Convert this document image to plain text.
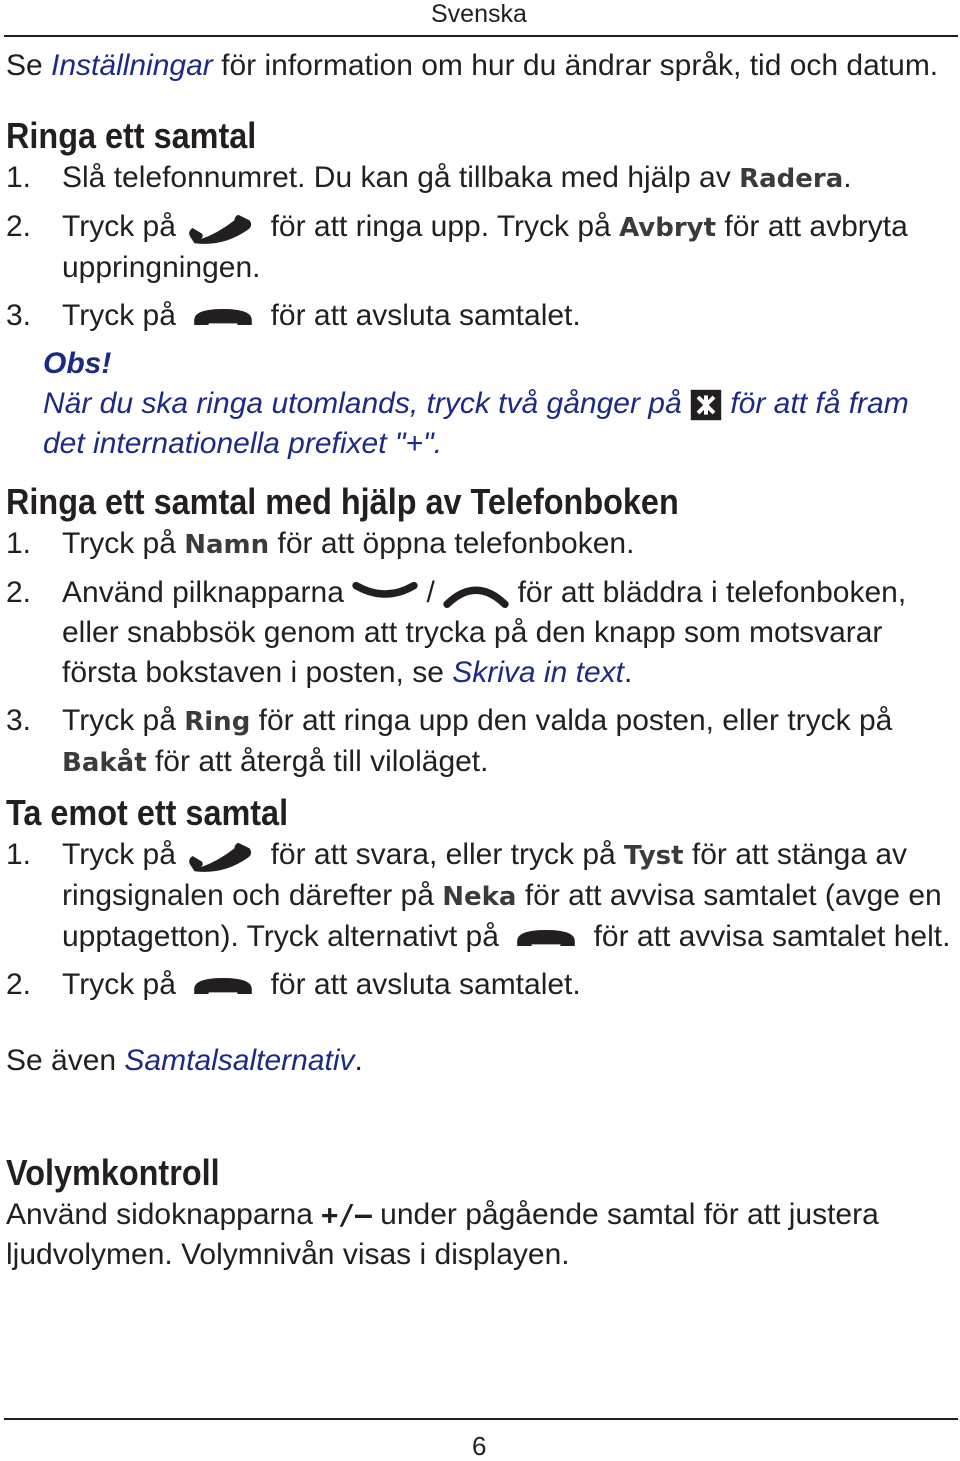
Svenska

Se Inställningar för information om hur du ändrar språk, tid och datum.

Ringa ett samtal
1. Slå telefonnumret. Du kan gå tillbaka med hjälp av Radera.
2. Tryck på	för att ringa upp. Tryck på Avbryt för att avbryta uppringningen.
3. Tryck på	för att avsluta samtalet.
Obs!

När du ska ringa utomlands, tryck två gånger på  för att få fram det internationella prefixet "+".

Ringa ett samtal med hjälp av Telefonboken
1. Tryck på Namn för att öppna telefonboken.
2. Använd pilknapparna  /  för att bläddra i telefonboken, eller snabbsök genom att trycka på den knapp som motsvarar första bokstaven i posten, se Skriva in text.
3. Tryck på Ring för att ringa upp den valda posten, eller tryck på Bakåt för att återgå till viloläget.
Ta emot ett samtal
1. Tryck på	för att svara, eller tryck på Tyst för att stänga av ringsignalen och därefter på Neka för att avvisa samtalet (avge en upptagetton). Tryck alternativt på	för att avvisa samtalet helt.
2. Tryck på	för att avsluta samtalet.

Se även Samtalsalternativ.

Volymkontroll

Använd sidoknapparna +/– under pågående samtal för att justera ljudvolymen. Volymnivån visas i displayen.

6
